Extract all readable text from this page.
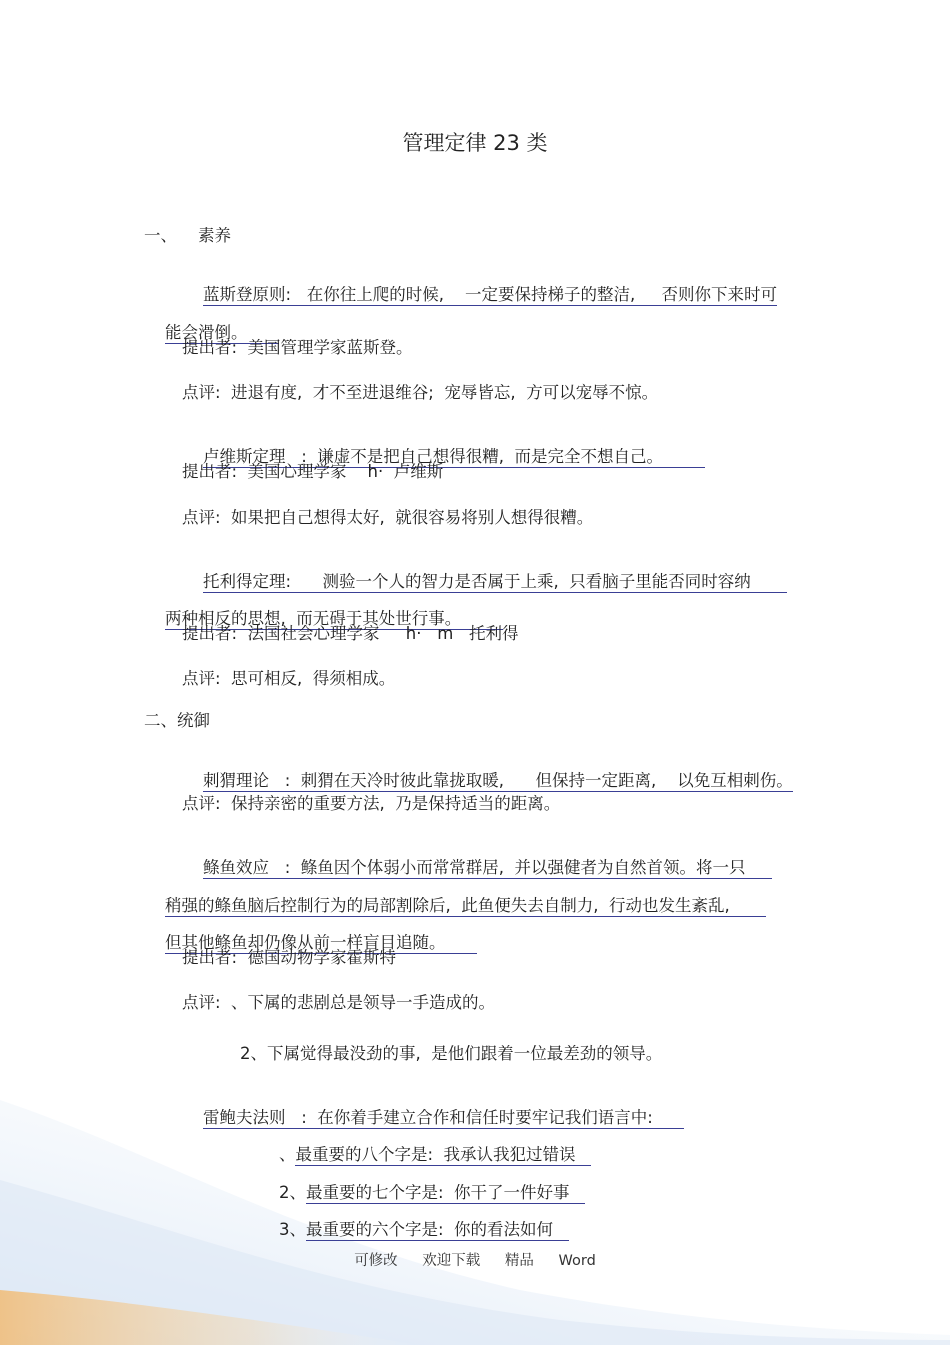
管理定律 23 类
一、    素养

蓝斯登原则:   在你往上爬的时候,    一定要保持梯子的整洁,     否则你下来时可

能会滑倒。

提出者:  美国管理学家蓝斯登。
点评:  进退有度,  才不至进退维谷;  宠辱皆忘,  方可以宠辱不惊。

卢维斯定理   :  谦虚不是把自己想得很糟,  而是完全不想自己。

提出者:  美国心理学家    h·  卢维斯
点评:  如果把自己想得太好,  就很容易将别人想得很糟。

托利得定理:      测验一个人的智力是否属于上乘,  只看脑子里能否同时容纳

两种相反的思想,  而无碍于其处世行事。

提出者:  法国社会心理学家     h·   m   托利得
点评:  思可相反,  得须相成。
二、统御

刺猬理论   :  刺猬在天冷时彼此靠拢取暖,      但保持一定距离,    以免互相刺伤。

点评:  保持亲密的重要方法,  乃是保持适当的距离。

鲦鱼效应   :  鲦鱼因个体弱小而常常群居,  并以强健者为自然首领。将一只

稍强的鲦鱼脑后控制行为的局部割除后,  此鱼便失去自制力,  行动也发生紊乱,

但其他鲦鱼却仍像从前一样盲目追随。

提出者:  德国动物学家霍斯特
点评:  、下属的悲剧总是领导一手造成的。
2、下属觉得最没劲的事,  是他们跟着一位最差劲的领导。

雷鲍夫法则   :  在你着手建立合作和信任时要牢记我们语言中:

、最重要的八个字是:  我承认我犯过错误

2、最重要的七个字是:  你干了一件好事

3、最重要的六个字是:  你的看法如何

可修改 欢迎下载 精品 Word
